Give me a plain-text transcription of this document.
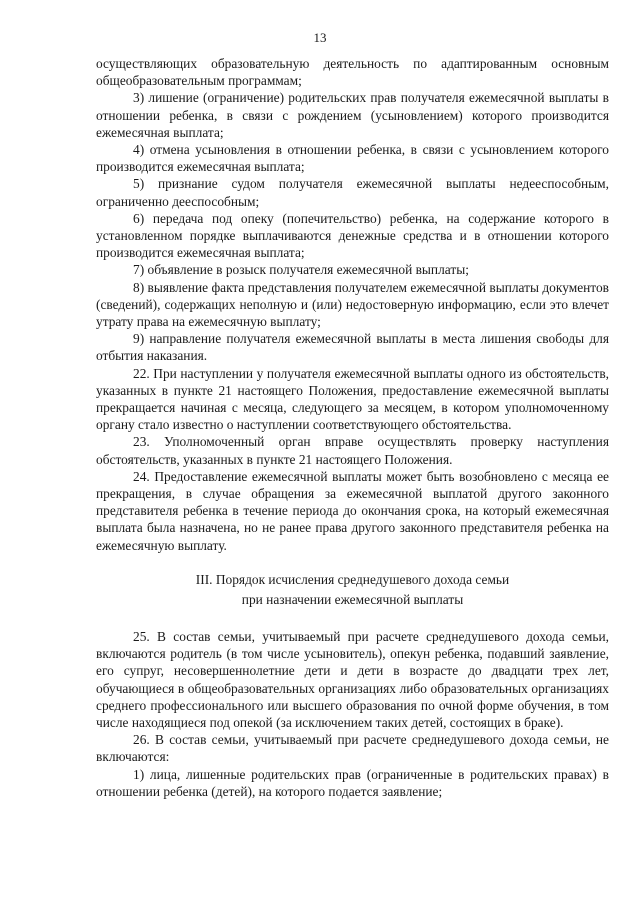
13

осуществляющих образовательную деятельность по адаптированным основным общеобразовательным программам;

3) лишение (ограничение) родительских прав получателя ежемесячной выплаты в отношении ребенка, в связи с рождением (усыновлением) которого производится ежемесячная выплата;

4) отмена усыновления в отношении ребенка, в связи с усыновлением которого производится ежемесячная выплата;

5) признание судом получателя ежемесячной выплаты недееспособным, ограниченно дееспособным;

6) передача под опеку (попечительство) ребенка, на содержание которого в установленном порядке выплачиваются денежные средства и в отношении которого производится ежемесячная выплата;

7) объявление в розыск получателя ежемесячной выплаты;

8) выявление факта представления получателем ежемесячной выплаты документов (сведений), содержащих неполную и (или) недостоверную информацию, если это влечет утрату права на ежемесячную выплату;

9) направление получателя ежемесячной выплаты в места лишения свободы для отбытия наказания.

22. При наступлении у получателя ежемесячной выплаты одного из обстоятельств, указанных в пункте 21 настоящего Положения, предоставление ежемесячной выплаты прекращается начиная с месяца, следующего за месяцем, в котором уполномоченному органу стало известно о наступлении соответствующего обстоятельства.

23. Уполномоченный орган вправе осуществлять проверку наступления обстоятельств, указанных в пункте 21 настоящего Положения.

24. Предоставление ежемесячной выплаты может быть возобновлено с месяца ее прекращения, в случае обращения за ежемесячной выплатой другого законного представителя ребенка в течение периода до окончания срока, на который ежемесячная выплата была назначена, но не ранее права другого законного представителя ребенка на ежемесячную выплату.

III. Порядок исчисления среднедушевого дохода семьи
при назначении ежемесячной выплаты

25. В состав семьи, учитываемый при расчете среднедушевого дохода семьи, включаются родитель (в том числе усыновитель), опекун ребенка, подавший заявление, его супруг, несовершеннолетние дети и дети в возрасте до двадцати трех лет, обучающиеся в общеобразовательных организациях либо образовательных организациях среднего профессионального или высшего образования по очной форме обучения, в том числе находящиеся под опекой (за исключением таких детей, состоящих в браке).

26. В состав семьи, учитываемый при расчете среднедушевого дохода семьи, не включаются:

1) лица, лишенные родительских прав (ограниченные в родительских правах) в отношении ребенка (детей), на которого подается заявление;
